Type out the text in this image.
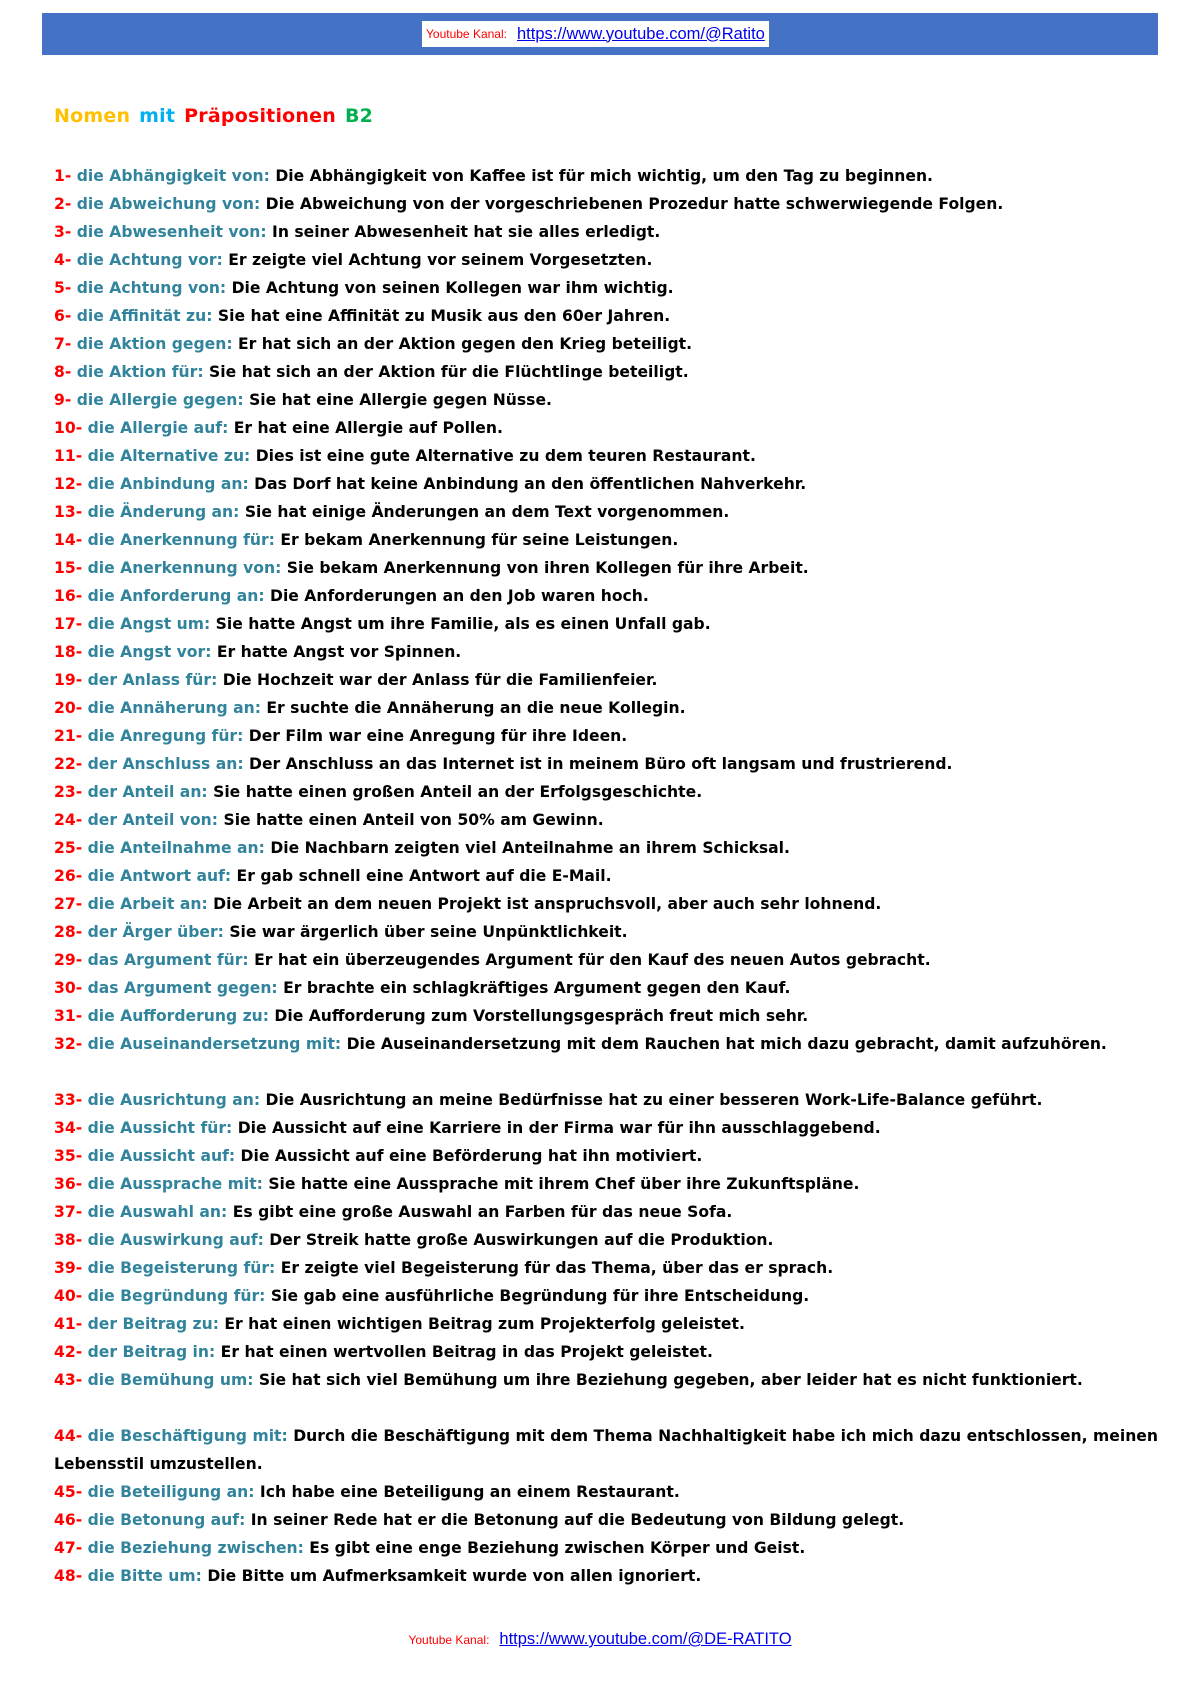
Youtube Kanal: https://www.youtube.com/@Ratito
Nomen mit Präpositionen B2
1- die Abhängigkeit von: Die Abhängigkeit von Kaffee ist für mich wichtig, um den Tag zu beginnen.
2- die Abweichung von: Die Abweichung von der vorgeschriebenen Prozedur hatte schwerwiegende Folgen.
3- die Abwesenheit von: In seiner Abwesenheit hat sie alles erledigt.
4- die Achtung vor: Er zeigte viel Achtung vor seinem Vorgesetzten.
5- die Achtung von: Die Achtung von seinen Kollegen war ihm wichtig.
6- die Affinität zu: Sie hat eine Affinität zu Musik aus den 60er Jahren.
7- die Aktion gegen: Er hat sich an der Aktion gegen den Krieg beteiligt.
8- die Aktion für: Sie hat sich an der Aktion für die Flüchtlinge beteiligt.
9- die Allergie gegen: Sie hat eine Allergie gegen Nüsse.
10- die Allergie auf: Er hat eine Allergie auf Pollen.
11- die Alternative zu: Dies ist eine gute Alternative zu dem teuren Restaurant.
12- die Anbindung an: Das Dorf hat keine Anbindung an den öffentlichen Nahverkehr.
13- die Änderung an: Sie hat einige Änderungen an dem Text vorgenommen.
14- die Anerkennung für: Er bekam Anerkennung für seine Leistungen.
15- die Anerkennung von: Sie bekam Anerkennung von ihren Kollegen für ihre Arbeit.
16- die Anforderung an: Die Anforderungen an den Job waren hoch.
17- die Angst um: Sie hatte Angst um ihre Familie, als es einen Unfall gab.
18- die Angst vor: Er hatte Angst vor Spinnen.
19- der Anlass für: Die Hochzeit war der Anlass für die Familienfeier.
20- die Annäherung an: Er suchte die Annäherung an die neue Kollegin.
21- die Anregung für: Der Film war eine Anregung für ihre Ideen.
22- der Anschluss an: Der Anschluss an das Internet ist in meinem Büro oft langsam und frustrierend.
23- der Anteil an: Sie hatte einen großen Anteil an der Erfolgsgeschichte.
24- der Anteil von: Sie hatte einen Anteil von 50% am Gewinn.
25- die Anteilnahme an: Die Nachbarn zeigten viel Anteilnahme an ihrem Schicksal.
26- die Antwort auf: Er gab schnell eine Antwort auf die E-Mail.
27- die Arbeit an: Die Arbeit an dem neuen Projekt ist anspruchsvoll, aber auch sehr lohnend.
28- der Ärger über: Sie war ärgerlich über seine Unpünktlichkeit.
29- das Argument für: Er hat ein überzeugendes Argument für den Kauf des neuen Autos gebracht.
30- das Argument gegen: Er brachte ein schlagkräftiges Argument gegen den Kauf.
31- die Aufforderung zu: Die Aufforderung zum Vorstellungsgespräch freut mich sehr.
32- die Auseinandersetzung mit: Die Auseinandersetzung mit dem Rauchen hat mich dazu gebracht, damit aufzuhören.
33- die Ausrichtung an: Die Ausrichtung an meine Bedürfnisse hat zu einer besseren Work-Life-Balance geführt.
34- die Aussicht für: Die Aussicht auf eine Karriere in der Firma war für ihn ausschlaggebend.
35- die Aussicht auf: Die Aussicht auf eine Beförderung hat ihn motiviert.
36- die Aussprache mit: Sie hatte eine Aussprache mit ihrem Chef über ihre Zukunftspläne.
37- die Auswahl an: Es gibt eine große Auswahl an Farben für das neue Sofa.
38- die Auswirkung auf: Der Streik hatte große Auswirkungen auf die Produktion.
39- die Begeisterung für: Er zeigte viel Begeisterung für das Thema, über das er sprach.
40- die Begründung für: Sie gab eine ausführliche Begründung für ihre Entscheidung.
41- der Beitrag zu: Er hat einen wichtigen Beitrag zum Projekterfolg geleistet.
42- der Beitrag in: Er hat einen wertvollen Beitrag in das Projekt geleistet.
43- die Bemühung um: Sie hat sich viel Bemühung um ihre Beziehung gegeben, aber leider hat es nicht funktioniert.
44- die Beschäftigung mit: Durch die Beschäftigung mit dem Thema Nachhaltigkeit habe ich mich dazu entschlossen, meinen Lebensstil umzustellen.
45- die Beteiligung an: Ich habe eine Beteiligung an einem Restaurant.
46- die Betonung auf: In seiner Rede hat er die Betonung auf die Bedeutung von Bildung gelegt.
47- die Beziehung zwischen: Es gibt eine enge Beziehung zwischen Körper und Geist.
48- die Bitte um: Die Bitte um Aufmerksamkeit wurde von allen ignoriert.
Youtube Kanal: https://www.youtube.com/@DE-RATITO
